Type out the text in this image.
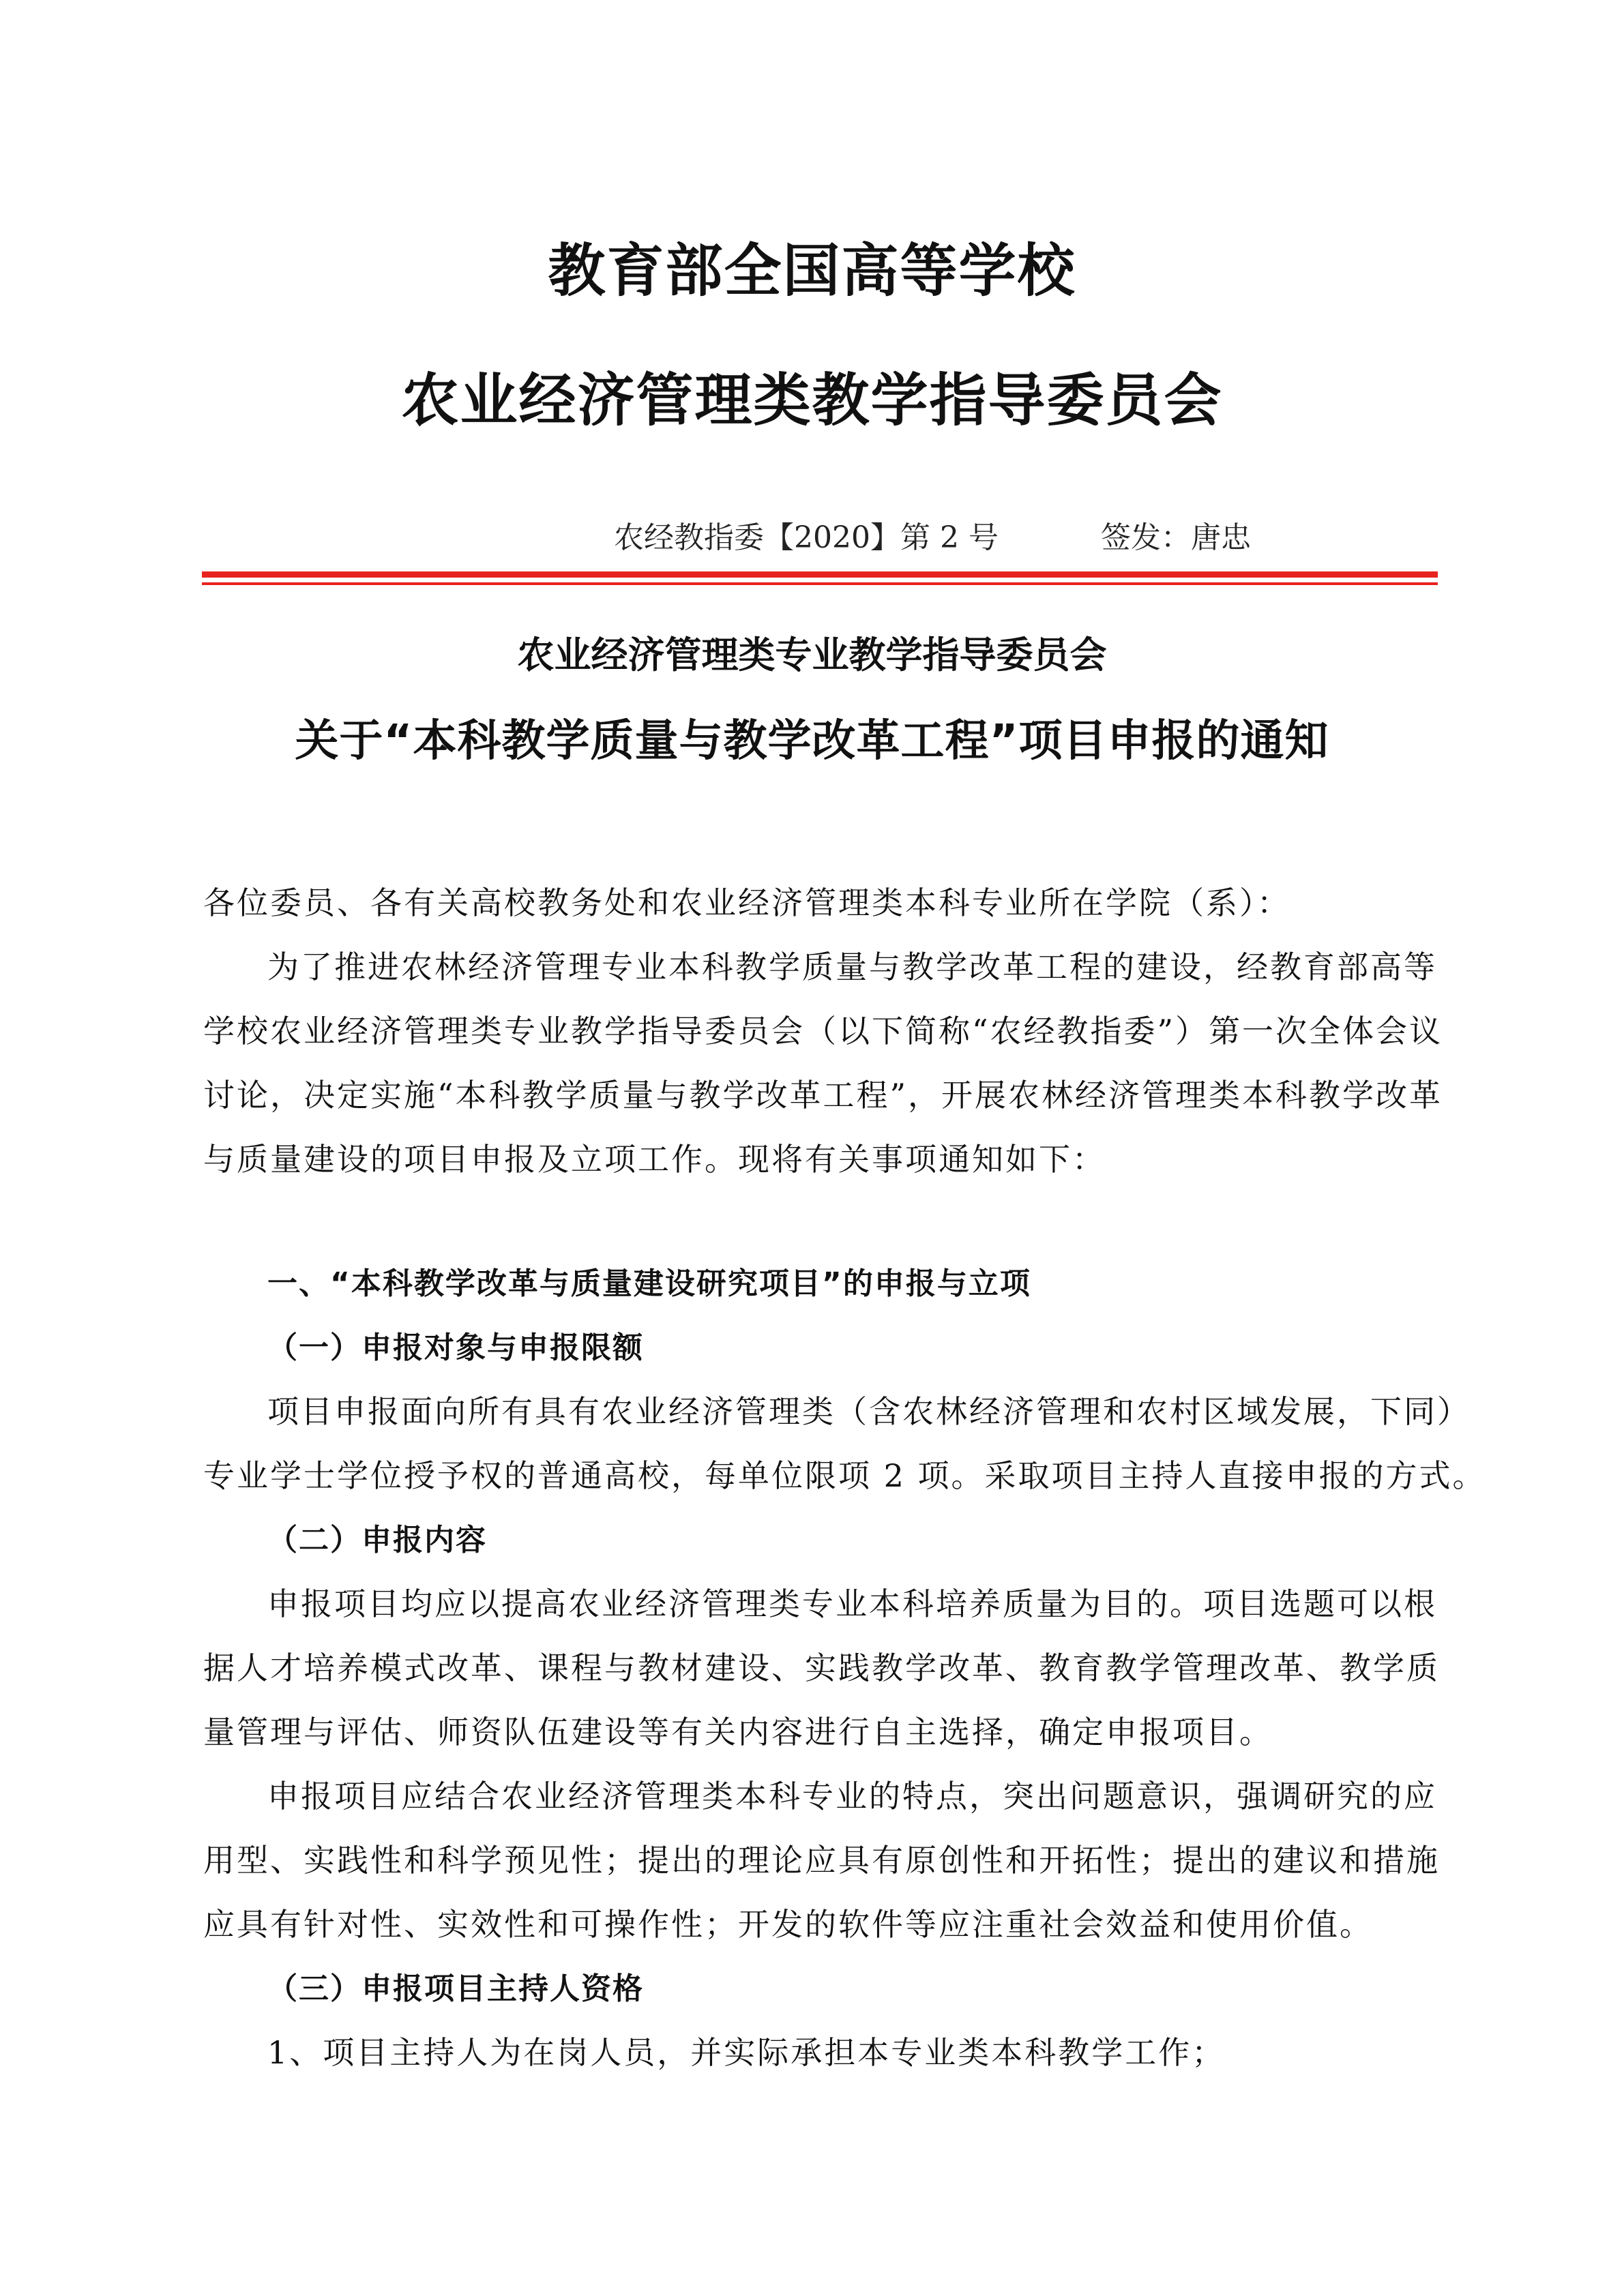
教育部全国高等学校
农业经济管理类教学指导委员会
农经教指委【2020】第 2 号	签发：唐忠
农业经济管理类专业教学指导委员会
关于“本科教学质量与教学改革工程”项目申报的通知
各位委员、各有关高校教务处和农业经济管理类本科专业所在学院（系）：
为了推进农林经济管理专业本科教学质量与教学改革工程的建设，经教育部高等
学校农业经济管理类专业教学指导委员会（以下简称“农经教指委”）第一次全体会议
讨论，决定实施“本科教学质量与教学改革工程”，开展农林经济管理类本科教学改革
与质量建设的项目申报及立项工作。现将有关事项通知如下：
一、“本科教学改革与质量建设研究项目”的申报与立项
（一）申报对象与申报限额
项目申报面向所有具有农业经济管理类（含农林经济管理和农村区域发展，下同）
专业学士学位授予权的普通高校，每单位限项 2 项。采取项目主持人直接申报的方式。
（二）申报内容
申报项目均应以提高农业经济管理类专业本科培养质量为目的。项目选题可以根
据人才培养模式改革、课程与教材建设、实践教学改革、教育教学管理改革、教学质
量管理与评估、师资队伍建设等有关内容进行自主选择，确定申报项目。
申报项目应结合农业经济管理类本科专业的特点，突出问题意识，强调研究的应
用型、实践性和科学预见性；提出的理论应具有原创性和开拓性；提出的建议和措施
应具有针对性、实效性和可操作性；开发的软件等应注重社会效益和使用价值。
（三）申报项目主持人资格
1、项目主持人为在岗人员，并实际承担本专业类本科教学工作；
